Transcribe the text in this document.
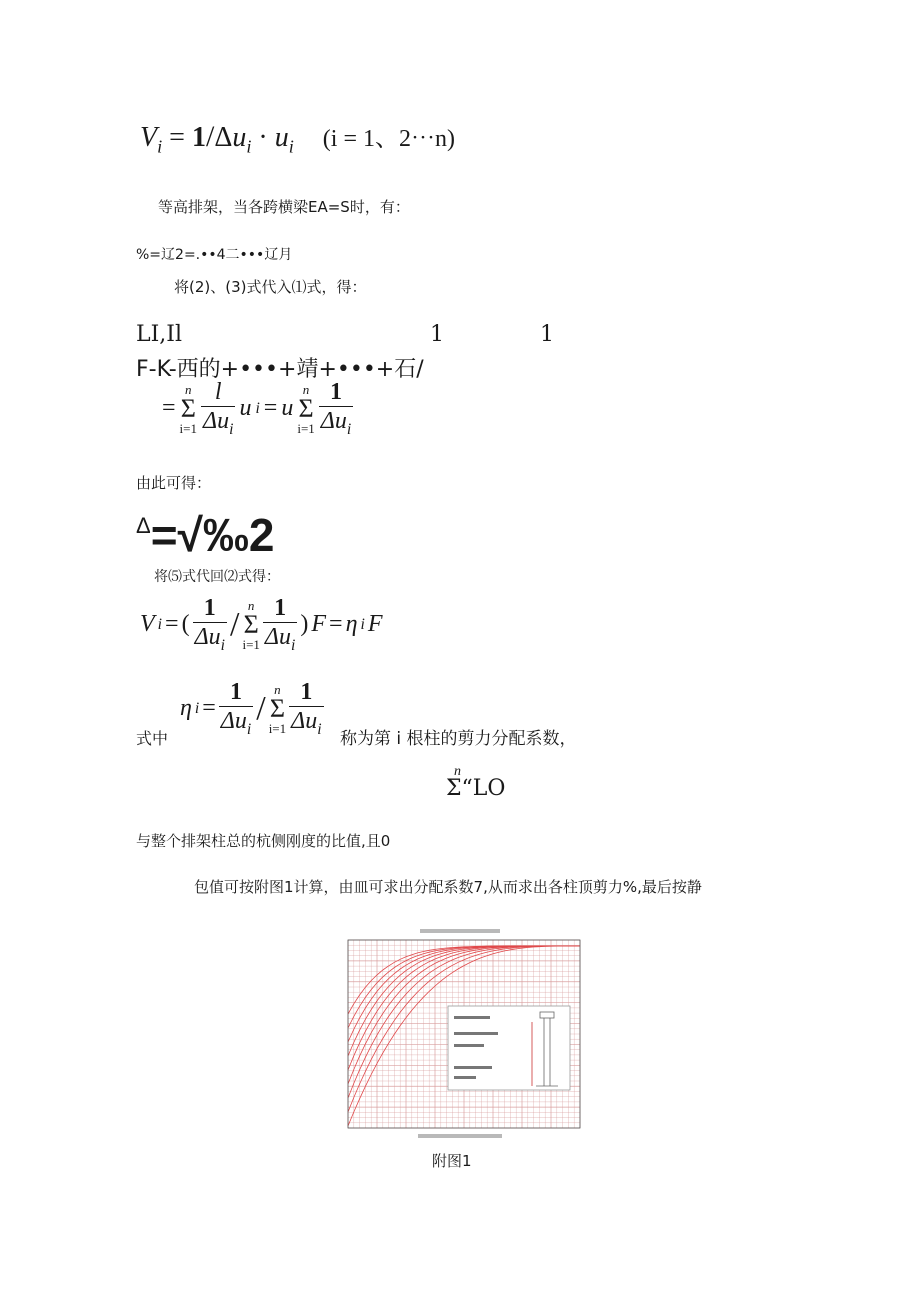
$V_i = 1/\Delta u_i \cdot u_i$ (i = 1、2⋯n)
等高排架，当各跨横梁EA=S时，有：
%=辽2=.••4二•••辽月
将(2)、(3)式代入⑴式，得：
LI,Il	1	1
F-K-西的+•••+靖+•••+石/
=
n
Σ
$i=1 \frac{l}{\Delta u_i}$ u i = u
n
Σ
$i=1 \frac{1}{\Delta u_i}$
由此可得：
Δ=√‰2
将⑸式代回⑵式得：
V i = ( $\frac{1}{\Delta u_i}$ /
n
Σ
$i=1 \frac{1}{\Delta u_i}$ ) F = η i F
式中
η $i = \frac{1}{\Delta u_i}$ /
n
Σ
$i=1 \frac{1}{\Delta u_i}$
称为第 i 根柱的剪力分配系数，
n
Σ“LO
与整个排架柱总的杭侧刚度的比值,且0
包值可按附图1计算，由皿可求出分配系数7,从而求出各柱顶剪力%,最后按静
附图1
